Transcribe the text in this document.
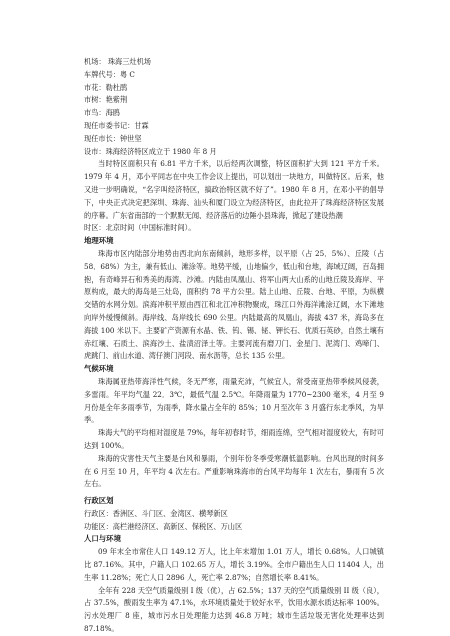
机场： 珠海三灶机场
车牌代号：粤 C
市花：勒杜鹃
市树：艳紫荆
市鸟：海鸥
现任市委书记：甘霖
现任市长：钟世坚
设市：珠海经济特区成立于 1980 年 8 月

当时特区面积只有 6.81 平方千米，以后经两次调整，特区面积扩大到 121 平方千米。1979 年 4 月，邓小平同志在中央工作会议上提出，可以划出一块地方，叫做特区。后来，他又进一步明确说，“名字叫经济特区，搞政治特区就不好了”。1980 年 8 月，在邓小平的倡导下，中央正式决定把深圳、珠海、汕头和厦门设立为经济特区，由此拉开了珠海经济特区发展的序幕。广东省南部的一个默默无闻、经济落后的边陲小县珠海，掀起了建设热潮

时区：北京时间（中国标准时间）。
地理环境

珠海市区内陆部分地势由西北向东南倾斜，地形多样，以平原（占 25．5%）、丘陵（占 58．68%）为主，兼有低山、滩涂等。地势平缓，山地偏少，低山和台地，海域辽阔，百岛拥抱，有奇峰异石和秀美的海湾、沙滩。内陆由凤凰山、将军山两大山系的山地丘陵及海岸、平原构成，最大的海岛是三灶岛，面积约 78 平方公里。陆上山地、丘陵、台地、平原，为纵横交错的水网分划。滨海冲积平原由西江和北江冲积物聚成，珠江口外海洋滩涂辽阔，水下滩地向岸外缓慢倾斜。海岸线、岛岸线长 690 公里。内陆最高的凤凰山，海拔 437 米，海岛多在海拔 100 米以下。主要矿产资源有水晶、铁、钨、锡、铋、钾长石、优质石英砂，自然土壤有赤红壤、石质土、滨海沙土、盐渍沼泽土等。主要河流有磨刀门、金星门、泥湾门、鸡啼门、虎跳门、前山水道、湾仔澳门河段、南水沥等，总长 135 公里。

气候环境

珠海属亚热带海洋性气候，冬无严寒，雨量充沛，气候宜人，常受南亚热带季候风侵袭，多雷雨。年平均气温 22．3℃，最低气温 2.5℃。年降雨量为 1770~2300 毫米，4 月至 9 月份是全年多雨季节，为雨季，降水量占全年的 85%；10 月至次年 3 月盛行东北季风，为旱季。

珠海大气的平均相对湿度是 79%，每年初春时节，细雨连绵，空气相对湿度较大，有时可达到 100%。

珠海的灾害性天气主要是台风和暴雨，个别年份冬季受寒潮低温影响。台风出现的时间多在 6 月至 10 月，年平均 4 次左右。严重影响珠海市的台风平均每年 1 次左右，暴雨有 5 次左右。

行政区划
行政区：香洲区、斗门区、金湾区、横琴新区
功能区：高栏港经济区、高新区、保税区、万山区
人口与环境

09 年末全市常住人口 149.12 万人，比上年末增加 1.01 万人，增长 0.68%。人口城镇比 87.16%。其中，户籍人口 102.65 万人，增长 3.19%。全市户籍出生人口 11404 人，出生率 11.28%；死亡人口 2896 人，死亡率 2.87%；自然增长率 8.41%。

全年有 228 天空气质量级别 I 级（优），占 62.5%；137 天的空气质量级别 II 级（良），占 37.5%，酸雨发生率为 47.1%，水环境质量处于较好水平，饮用水源水质达标率 100%。污水处理厂 8 座，城市污水日处理能力达到 46.8 万吨；城市生活垃圾无害化处理率达到 87.18%。
